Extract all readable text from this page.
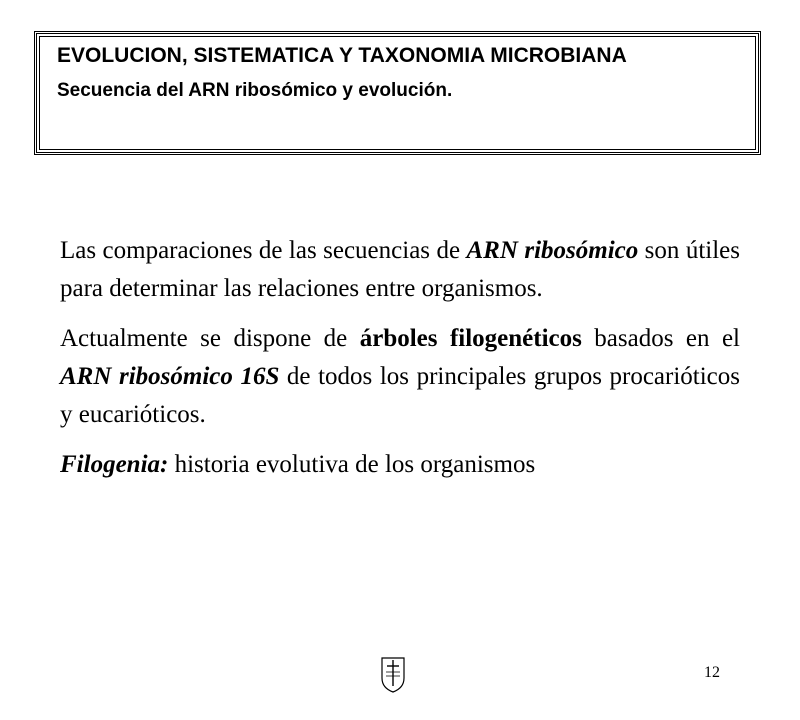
EVOLUCION, SISTEMATICA Y TAXONOMIA MICROBIANA

Secuencia del ARN ribosómico y evolución.

Las comparaciones de las secuencias de ARN ribosómico son útiles para determinar las relaciones entre organismos.

Actualmente se dispone de árboles filogenéticos basados en el ARN ribosómico 16S de todos los principales grupos procarióticos y eucarióticos.

Filogenia: historia evolutiva de los organismos

12
